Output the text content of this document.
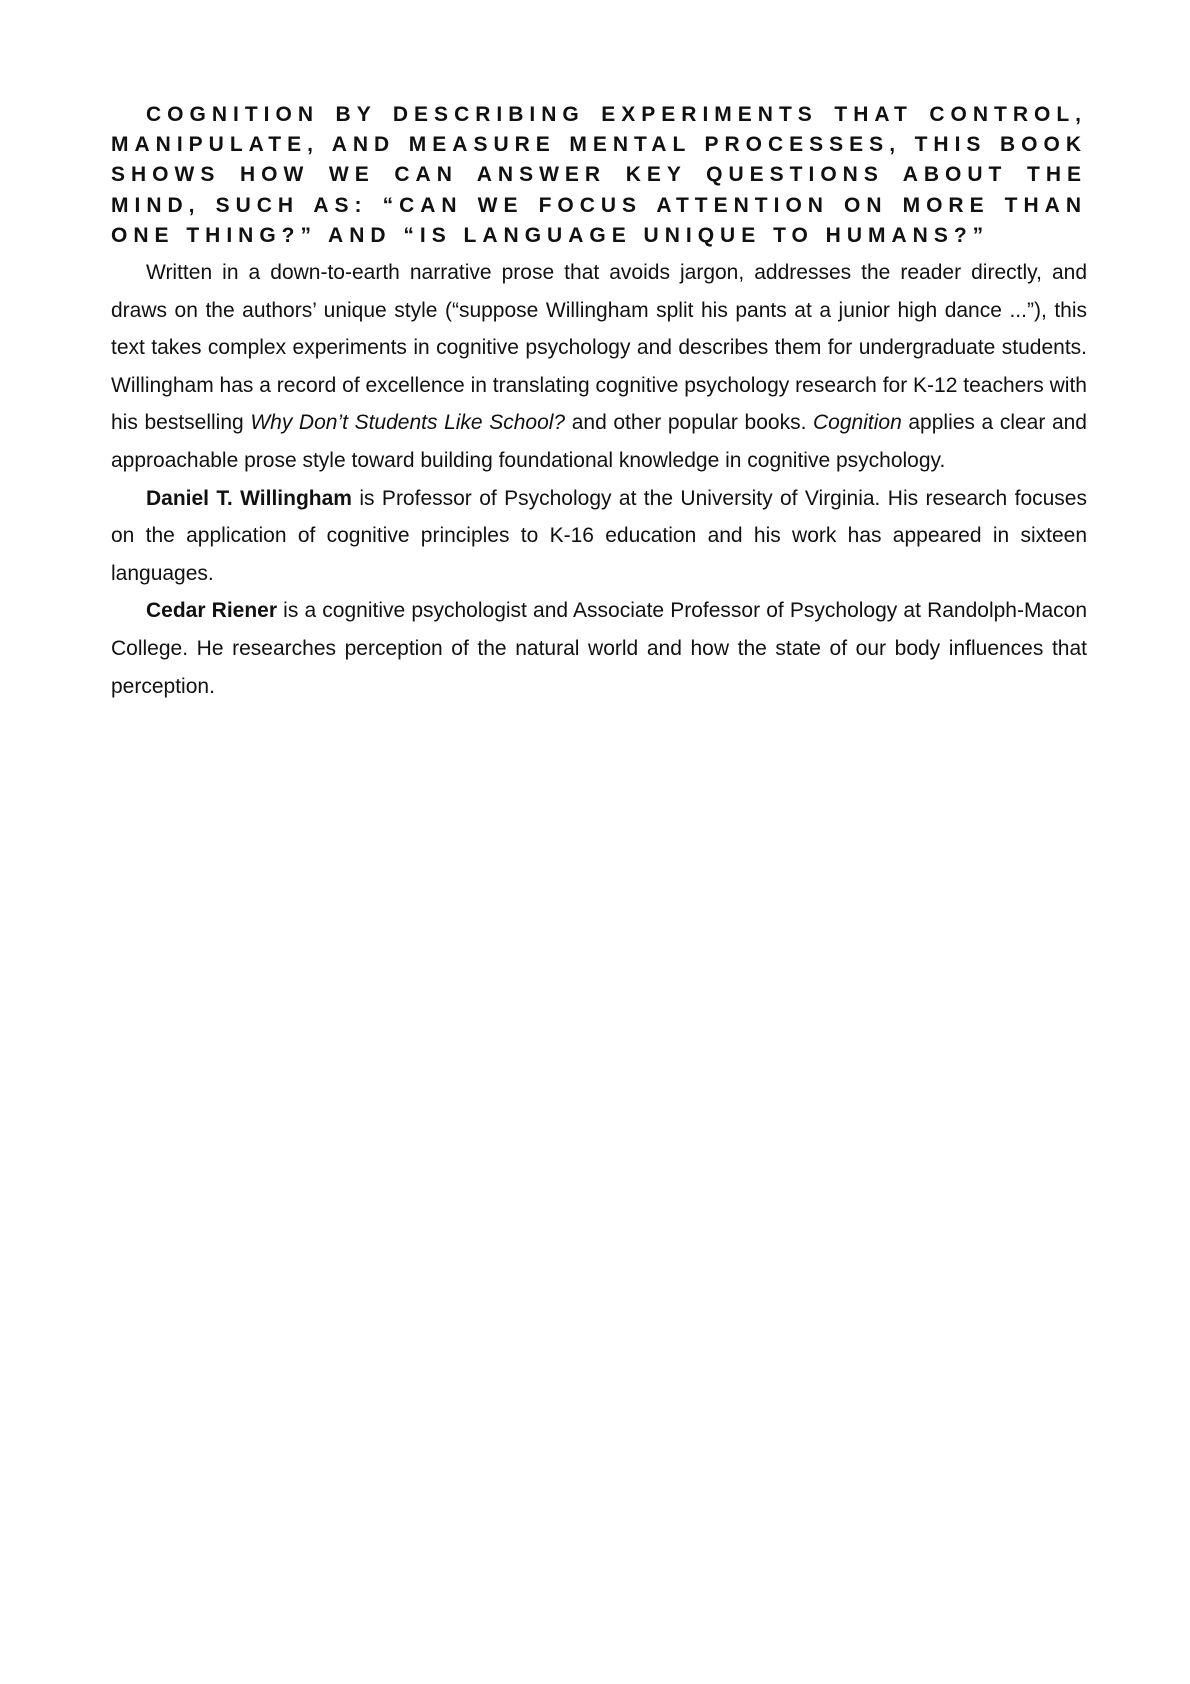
COGNITION BY DESCRIBING EXPERIMENTS THAT CONTROL, MANIPULATE, AND MEASURE MENTAL PROCESSES, THIS BOOK SHOWS HOW WE CAN ANSWER KEY QUESTIONS ABOUT THE MIND, SUCH AS: “CAN WE FOCUS ATTENTION ON MORE THAN ONE THING?” AND “IS LANGUAGE UNIQUE TO HUMANS?”

Written in a down-to-earth narrative prose that avoids jargon, addresses the reader directly, and draws on the authors’ unique style (“suppose Willingham split his pants at a junior high dance ...”), this text takes complex experiments in cognitive psychology and describes them for undergraduate students. Willingham has a record of excellence in translating cognitive psychology research for K-12 teachers with his bestselling Why Don’t Students Like School? and other popular books. Cognition applies a clear and approachable prose style toward building foundational knowledge in cognitive psychology.

Daniel T. Willingham is Professor of Psychology at the University of Virginia. His research focuses on the application of cognitive principles to K-16 education and his work has appeared in sixteen languages.

Cedar Riener is a cognitive psychologist and Associate Professor of Psychology at Randolph-Macon College. He researches perception of the natural world and how the state of our body influences that perception.
